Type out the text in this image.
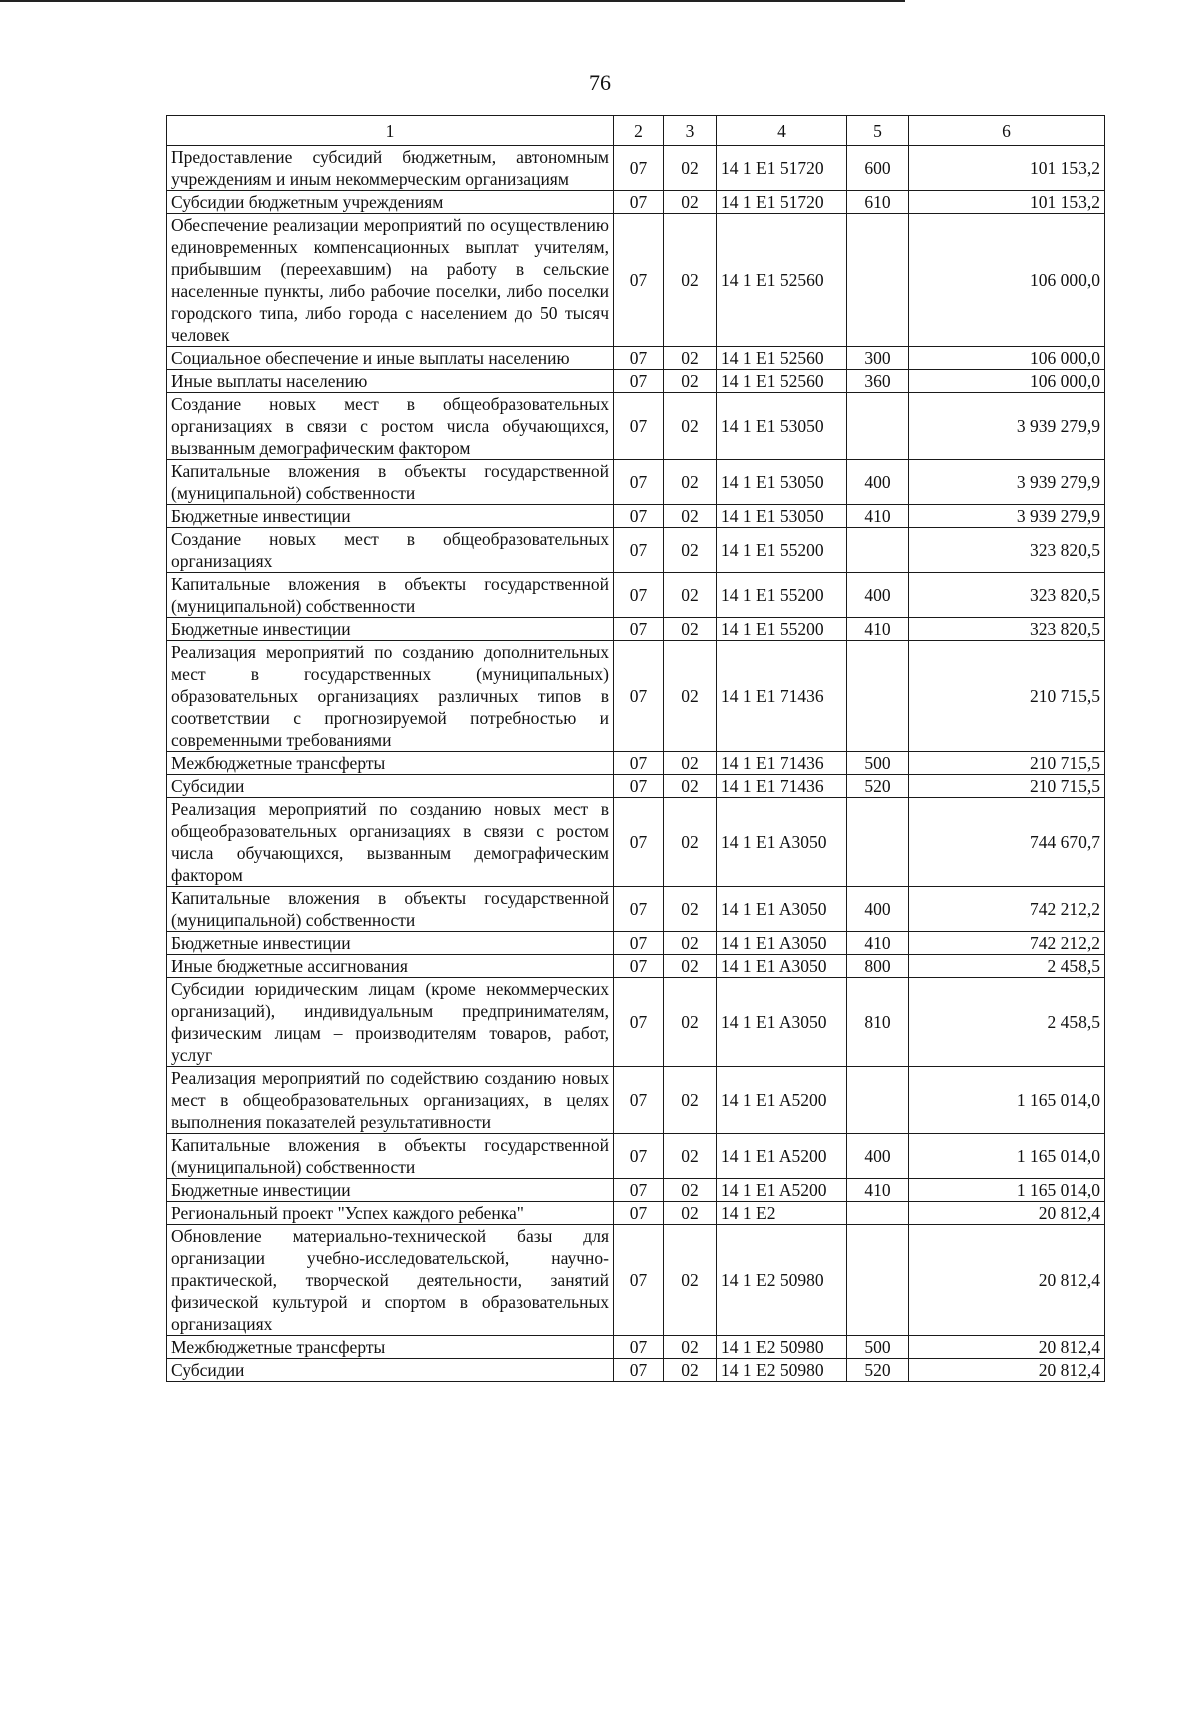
76
1	2	3	4	5	6
Предоставление субсидий бюджетным, автономным учреждениям и иным некоммерческим организациям	07	02	14 1 E1 51720	600	101 153,2
Субсидии бюджетным учреждениям	07	02	14 1 E1 51720	610	101 153,2
Обеспечение реализации мероприятий по осуществлению единовременных компенсационных выплат учителям, прибывшим (переехавшим) на работу в сельские населенные пункты, либо рабочие поселки, либо поселки городского типа, либо города с населением до 50 тысяч человек	07	02	14 1 E1 52560		106 000,0
Социальное обеспечение и иные выплаты населению	07	02	14 1 E1 52560	300	106 000,0
Иные выплаты населению	07	02	14 1 E1 52560	360	106 000,0
Создание новых мест в общеобразовательных организациях в связи с ростом числа обучающихся, вызванным демографическим фактором	07	02	14 1 E1 53050		3 939 279,9
Капитальные вложения в объекты государственной (муниципальной) собственности	07	02	14 1 E1 53050	400	3 939 279,9
Бюджетные инвестиции	07	02	14 1 E1 53050	410	3 939 279,9
Создание новых мест в общеобразовательных организациях	07	02	14 1 E1 55200		323 820,5
Капитальные вложения в объекты государственной (муниципальной) собственности	07	02	14 1 E1 55200	400	323 820,5
Бюджетные инвестиции	07	02	14 1 E1 55200	410	323 820,5
Реализация мероприятий по созданию дополнительных мест в государственных (муниципальных) образовательных организациях различных типов в соответствии с прогнозируемой потребностью и современными требованиями	07	02	14 1 E1 71436		210 715,5
Межбюджетные трансферты	07	02	14 1 E1 71436	500	210 715,5
Субсидии	07	02	14 1 E1 71436	520	210 715,5
Реализация мероприятий по созданию новых мест в общеобразовательных организациях в связи с ростом числа обучающихся, вызванным демографическим фактором	07	02	14 1 E1 A3050		744 670,7
Капитальные вложения в объекты государственной (муниципальной) собственности	07	02	14 1 E1 A3050	400	742 212,2
Бюджетные инвестиции	07	02	14 1 E1 A3050	410	742 212,2
Иные бюджетные ассигнования	07	02	14 1 E1 A3050	800	2 458,5
Субсидии юридическим лицам (кроме некоммерческих организаций), индивидуальным предпринимателям, физическим лицам – производителям товаров, работ, услуг	07	02	14 1 E1 A3050	810	2 458,5
Реализация мероприятий по содействию созданию новых мест в общеобразовательных организациях, в целях выполнения показателей результативности	07	02	14 1 E1 A5200		1 165 014,0
Капитальные вложения в объекты государственной (муниципальной) собственности	07	02	14 1 E1 A5200	400	1 165 014,0
Бюджетные инвестиции	07	02	14 1 E1 A5200	410	1 165 014,0
Региональный проект "Успех каждого ребенка"	07	02	14 1 E2		20 812,4
Обновление материально-технической базы для организации учебно-исследовательской, научно-практической, творческой деятельности, занятий физической культурой и спортом в образовательных организациях	07	02	14 1 E2 50980		20 812,4
Межбюджетные трансферты	07	02	14 1 E2 50980	500	20 812,4
Субсидии	07	02	14 1 E2 50980	520	20 812,4
